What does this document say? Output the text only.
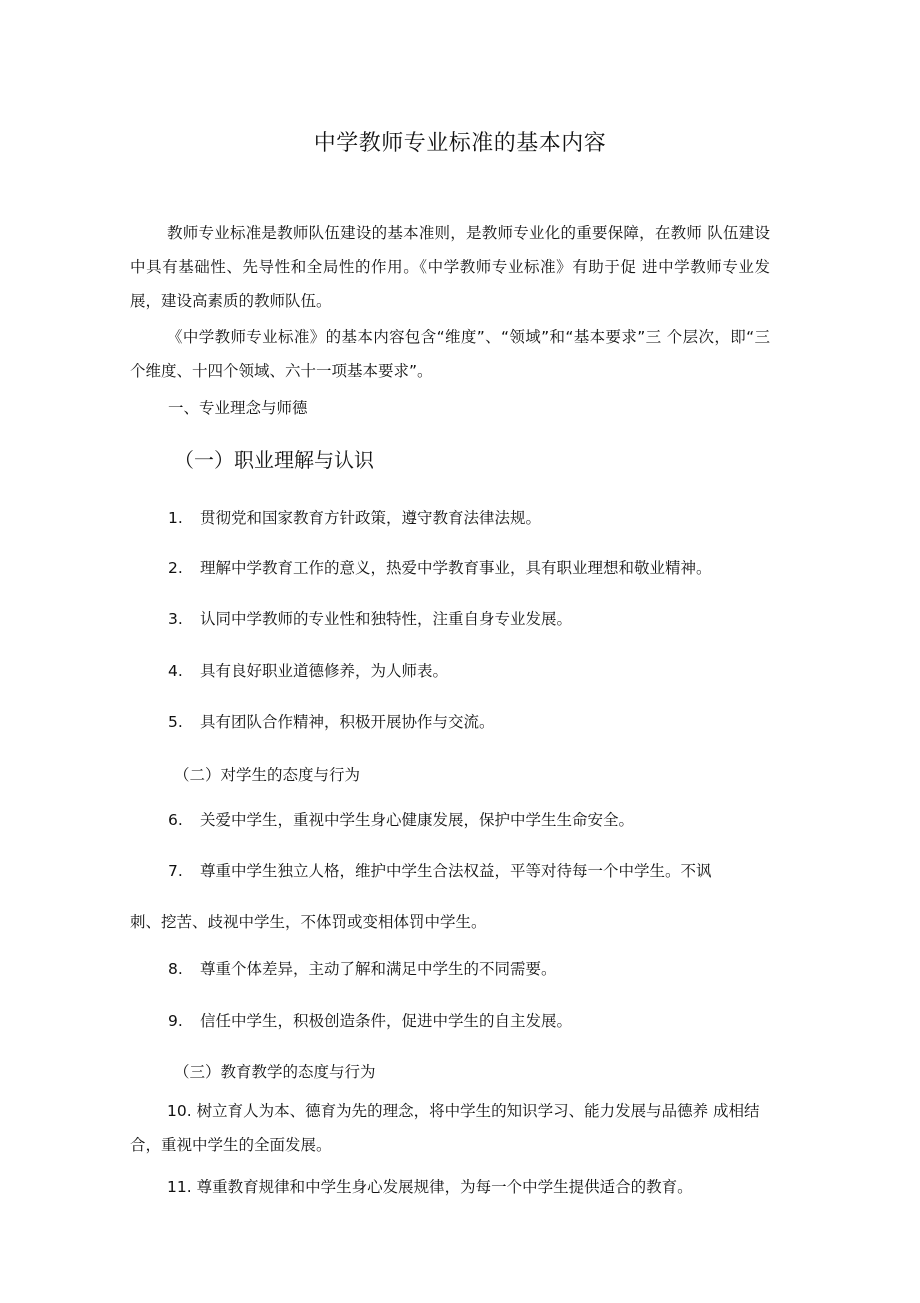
中学教师专业标准的基本内容
教师专业标准是教师队伍建设的基本准则，是教师专业化的重要保障，在教师 队伍建设中具有基础性、先导性和全局性的作用。《中学教师专业标准》有助于促 进中学教师专业发展，建设高素质的教师队伍。
《中学教师专业标准》的基本内容包含“维度”、“领域”和“基本要求”三 个层次，即“三个维度、十四个领域、六十一项基本要求”。
一、专业理念与师德
（一）职业理解与认识
1. 贯彻党和国家教育方针政策，遵守教育法律法规。
2. 理解中学教育工作的意义，热爱中学教育事业，具有职业理想和敬业精神。
3. 认同中学教师的专业性和独特性，注重自身专业发展。
4. 具有良好职业道德修养，为人师表。
5. 具有团队合作精神，积极开展协作与交流。
（二）对学生的态度与行为
6. 关爱中学生，重视中学生身心健康发展，保护中学生生命安全。
7. 尊重中学生独立人格，维护中学生合法权益，平等对待每一个中学生。不讽
刺、挖苦、歧视中学生，不体罚或变相体罚中学生。
8. 尊重个体差异，主动了解和满足中学生的不同需要。
9. 信任中学生，积极创造条件，促进中学生的自主发展。
（三）教育教学的态度与行为
10. 树立育人为本、德育为先的理念，将中学生的知识学习、能力发展与品德养 成相结合，重视中学生的全面发展。
11. 尊重教育规律和中学生身心发展规律，为每一个中学生提供适合的教育。
